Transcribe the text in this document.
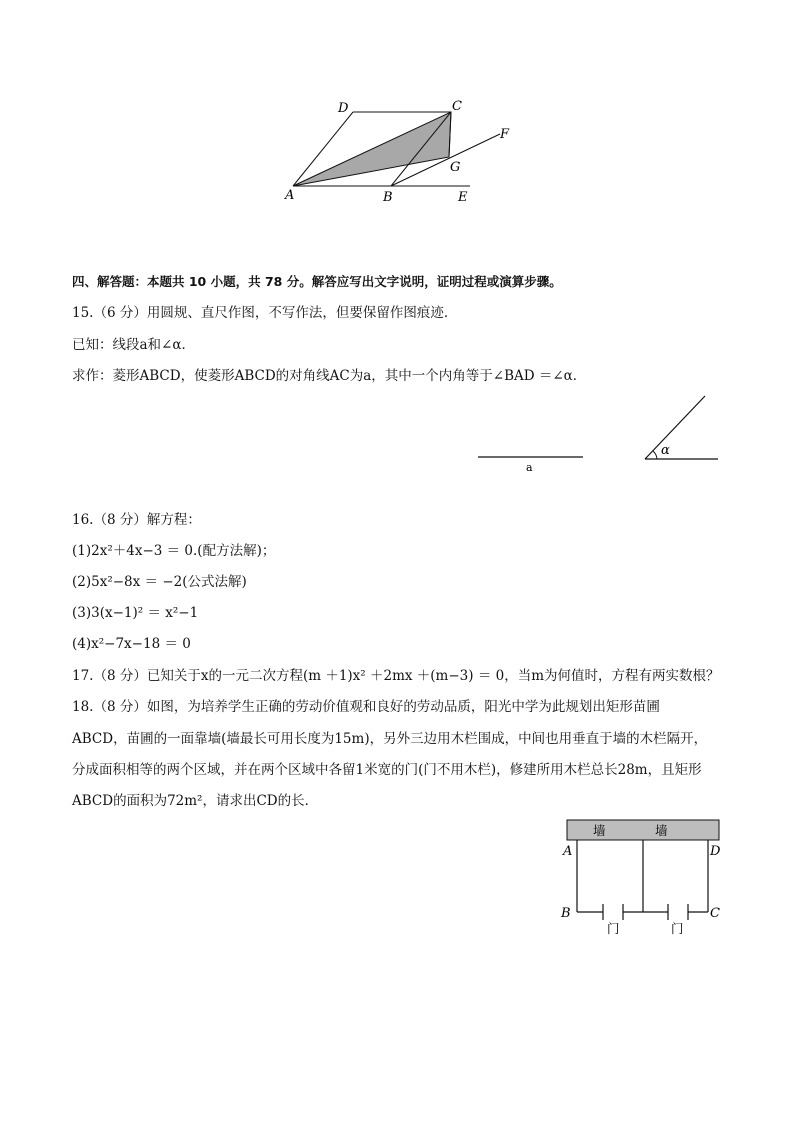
A	B	E
D	C
F
G
四、解答题：本题共 10 小题，共 78 分。解答应写出文字说明，证明过程或演算步骤。
15.（6 分）用圆规、直尺作图，不写作法，但要保留作图痕迹．
已知：线段a和∠α．
求作：菱形ABCD，使菱形ABCD的对角线AC为a，其中一个内角等于∠BAD ＝∠α．
a
α
16.（8 分）解方程：
(1)2x²＋4x−3 ＝ 0.(配方法解)；
(2)5x²−8x ＝ −2(公式法解)
(3)3(x−1)² ＝ x²−1
(4)x²−7x−18 ＝ 0
17.（8 分）已知关于x的一元二次方程(m ＋1)x² ＋2mx ＋(m−3) ＝ 0，当m为何值时，方程有两实数根？
18.（8 分）如图，为培养学生正确的劳动价值观和良好的劳动品质，阳光中学为此规划出矩形苗圃
ABCD，苗圃的一面靠墙(墙最长可用长度为15m)，另外三边用木栏围成，中间也用垂直于墙的木栏隔开，
分成面积相等的两个区域，并在两个区域中各留1米宽的门(门不用木栏)，修建所用木栏总长28m，且矩形
ABCD的面积为72m²，请求出CD的长．
墙	墙
A	D
B	C
门	门
